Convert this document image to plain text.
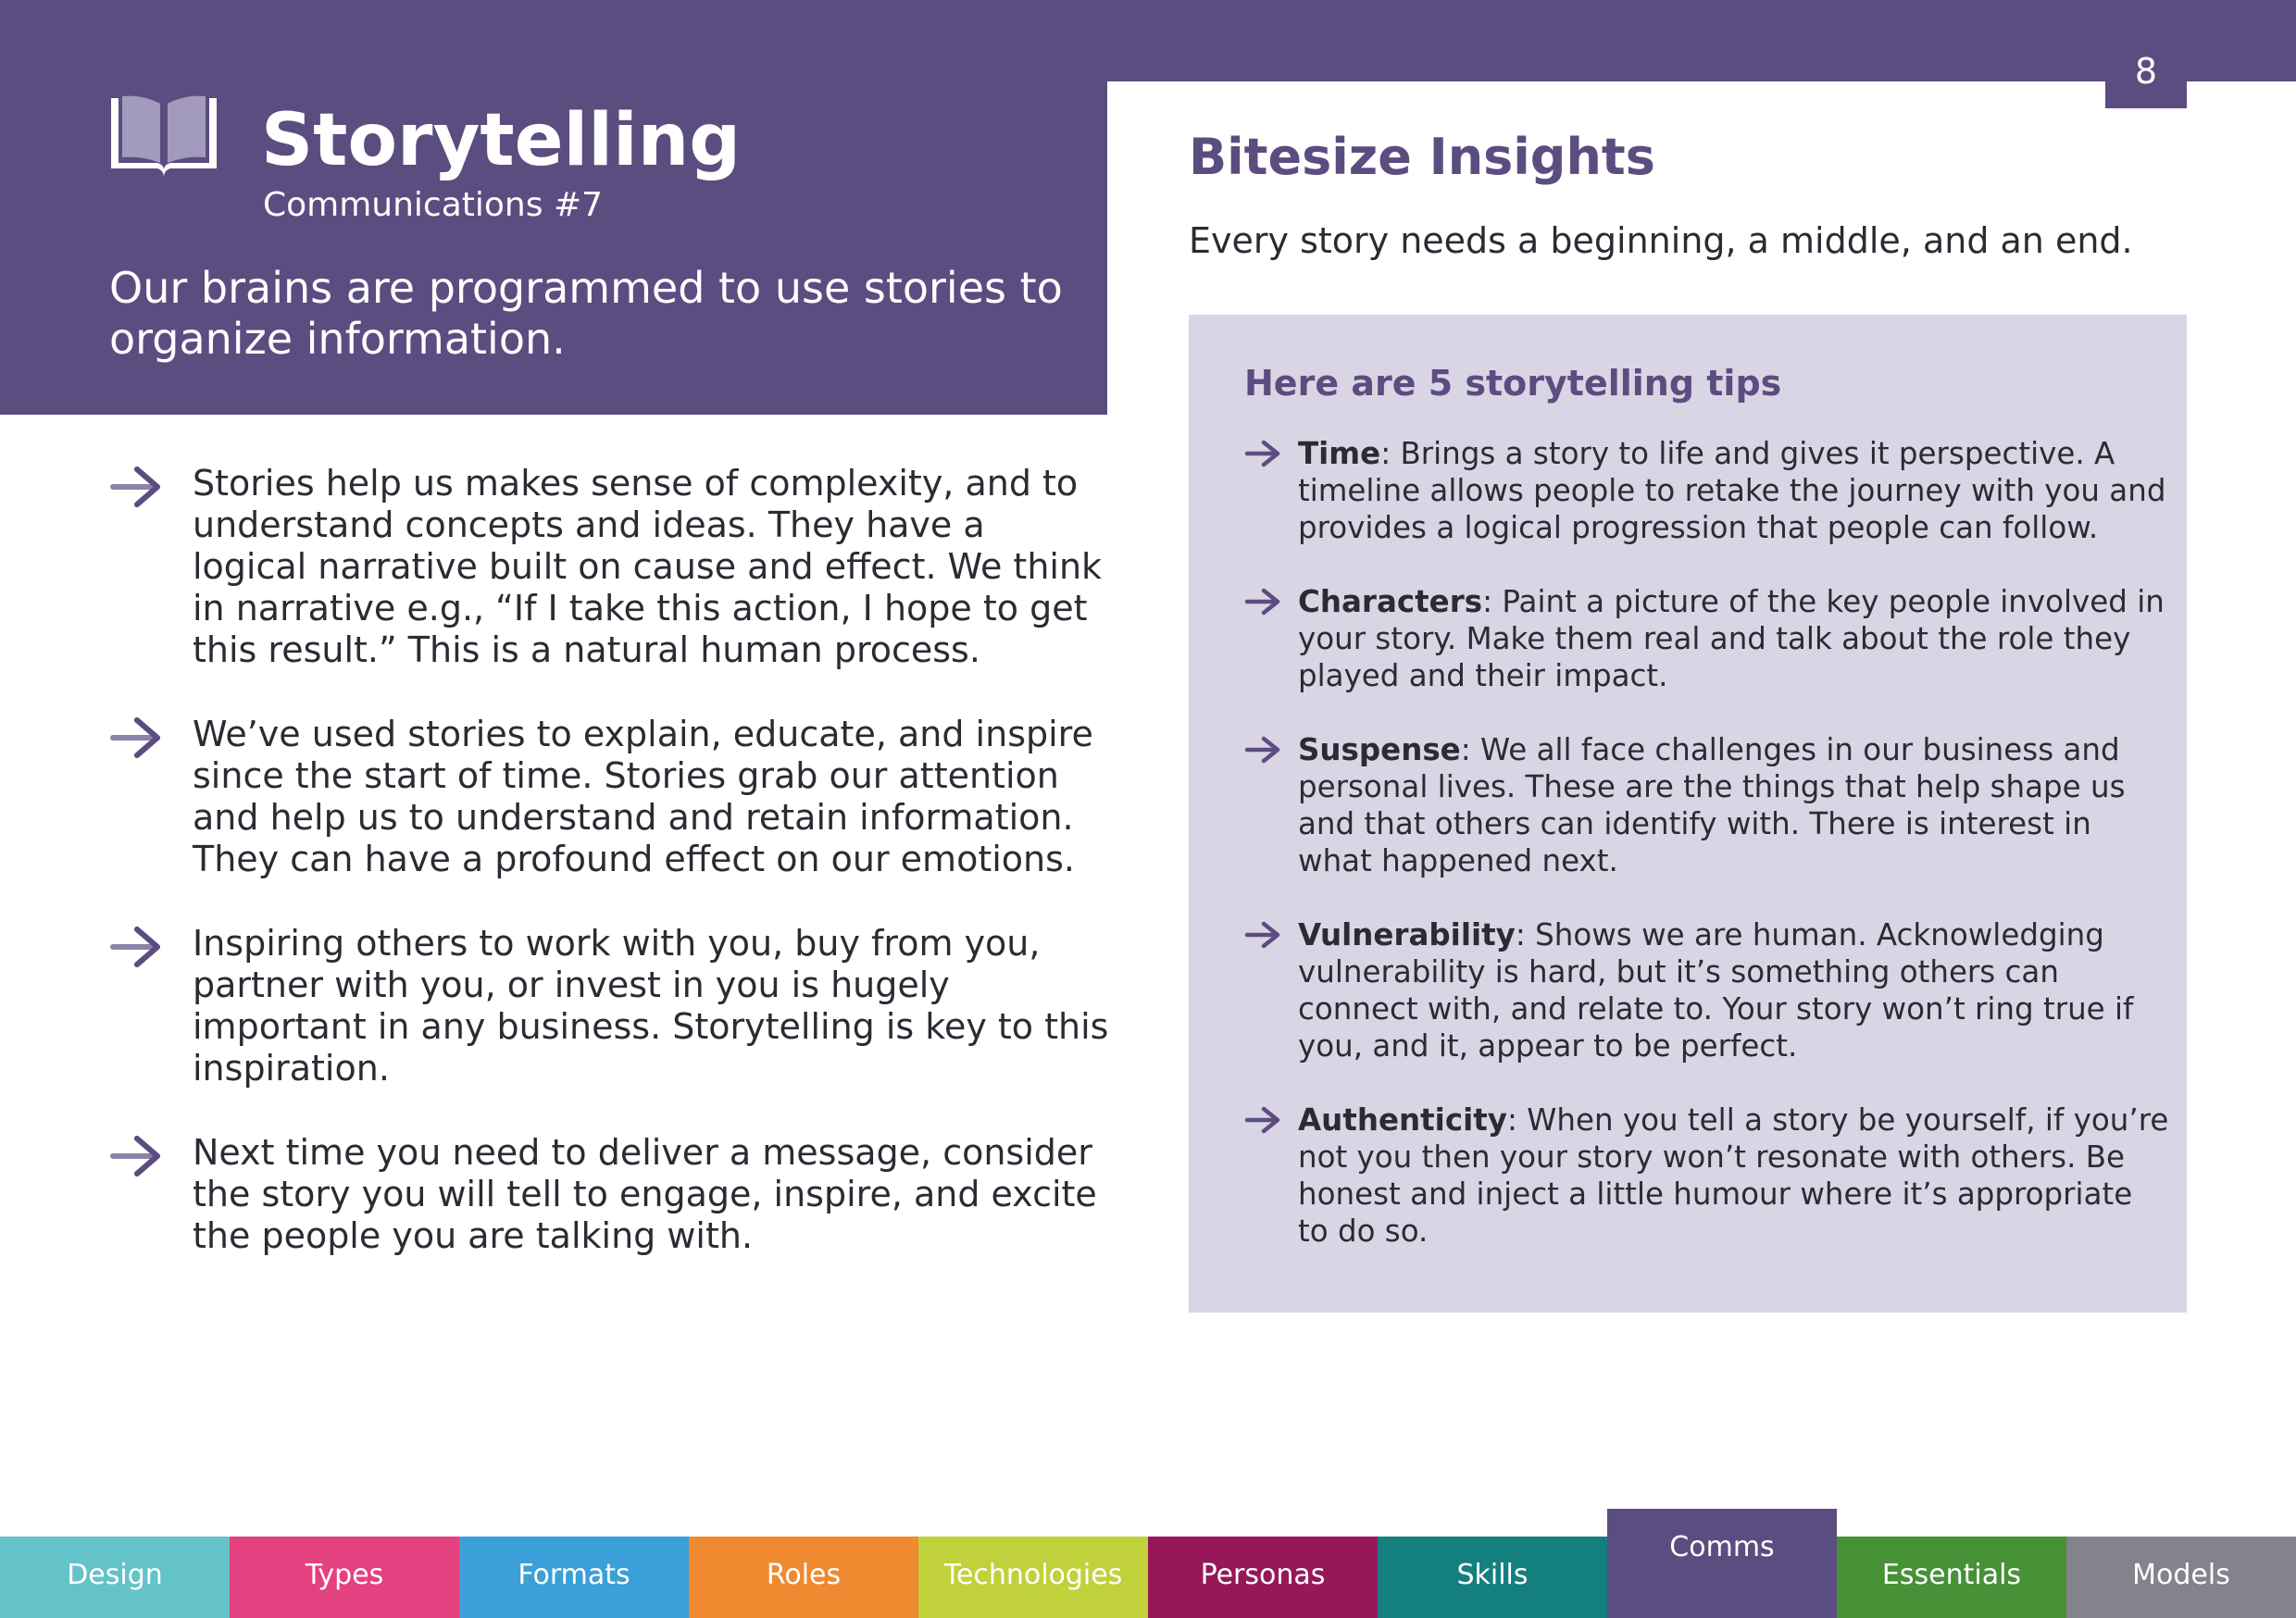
8
Storytelling
Communications #7
Our brains are programmed to use stories to organize information.
Stories help us makes sense of complexity, and to understand concepts and ideas. They have a logical narrative built on cause and effect. We think in narrative e.g., “If I take this action, I hope to get this result.” This is a natural human process.
We’ve used stories to explain, educate, and inspire since the start of time. Stories grab our attention and help us to understand and retain information. They can have a profound effect on our emotions.
Inspiring others to work with you, buy from you, partner with you, or invest in you is hugely important in any business. Storytelling is key to this inspiration.
Next time you need to deliver a message, consider the story you will tell to engage, inspire, and excite the people you are talking with.
Bitesize Insights
Every story needs a beginning, a middle, and an end.
Here are 5 storytelling tips
Time: Brings a story to life and gives it perspective. A timeline allows people to retake the journey with you and provides a logical progression that people can follow.
Characters: Paint a picture of the key people involved in your story. Make them real and talk about the role they played and their impact.
Suspense: We all face challenges in our business and personal lives. These are the things that help shape us and that others can identify with. There is interest in what happened next.
Vulnerability: Shows we are human. Acknowledging vulnerability is hard, but it’s something others can connect with, and relate to. Your story won’t ring true if you, and it, appear to be perfect.
Authenticity: When you tell a story be yourself, if you’re not you then your story won’t resonate with others. Be honest and inject a little humour where it’s appropriate to do so.
Design	Types	Formats	Roles	Technologies	Personas	Skills
Comms
Essentials	Models
